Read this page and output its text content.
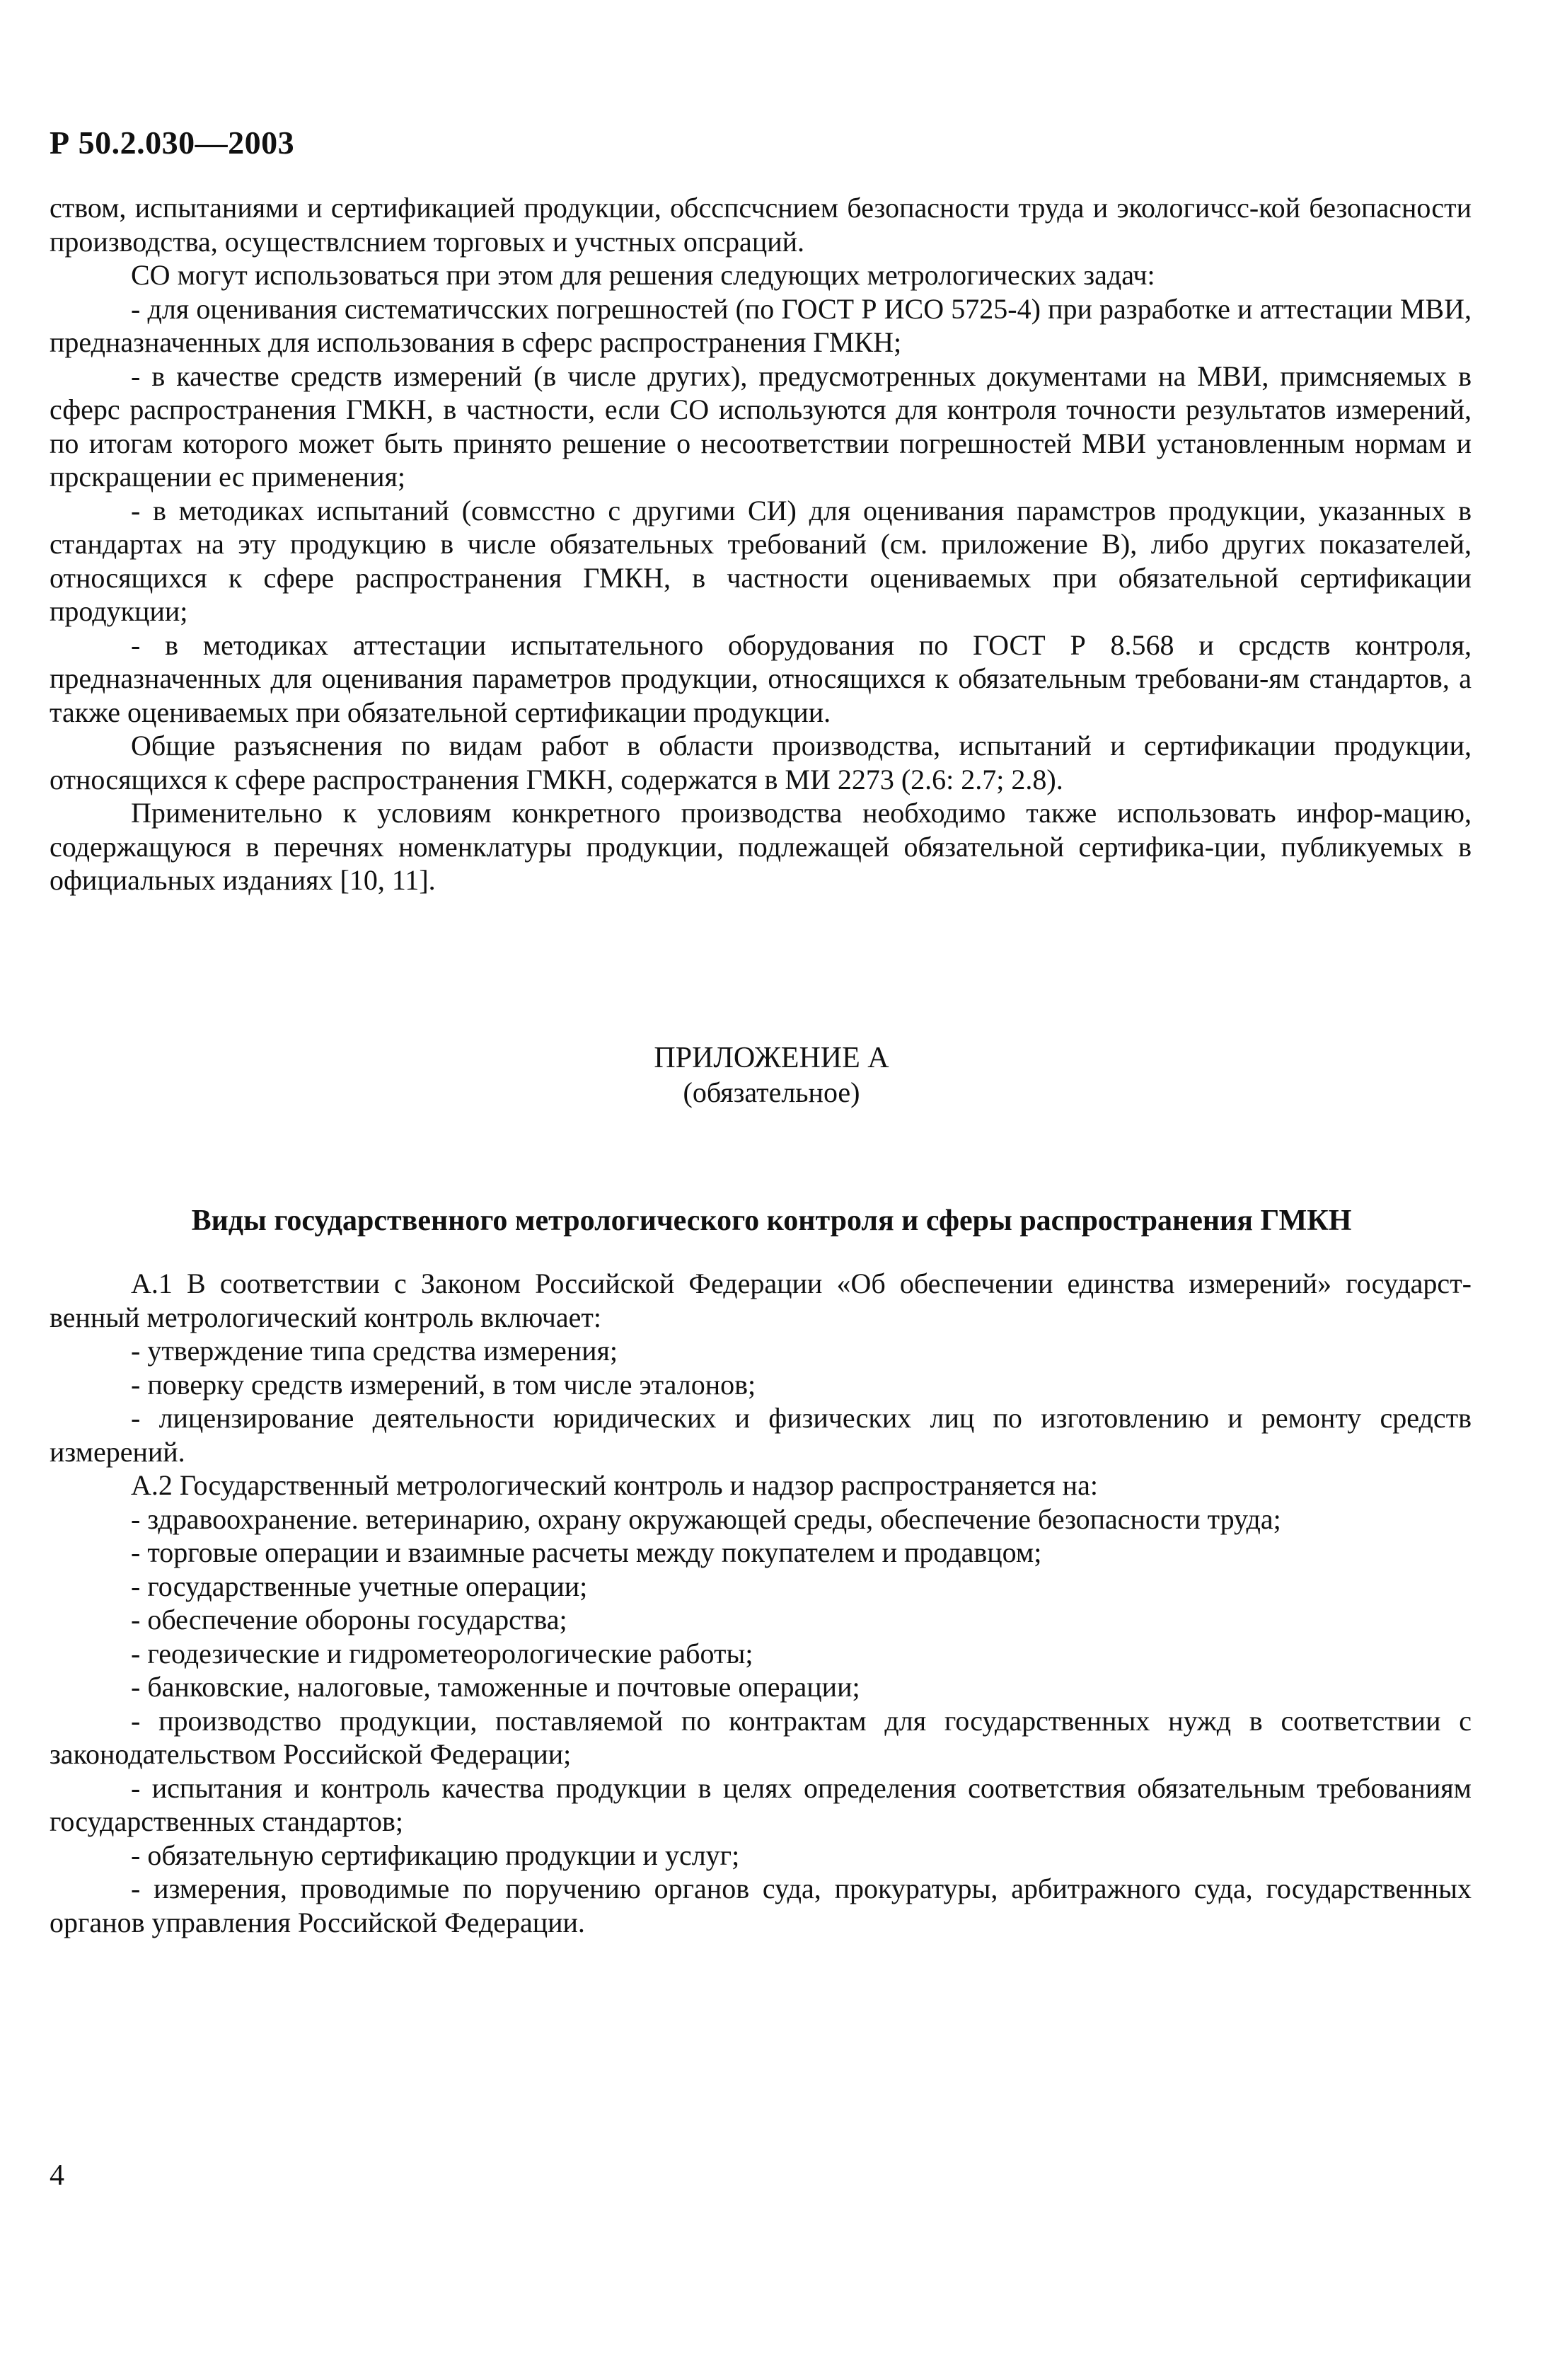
Р 50.2.030—2003

ством, испытаниями и сертификацией продукции, обсспсчснием безопасности труда и экологичсс-кой безопасности производства, осуществлснием торговых и учстных опсраций.

СО могут использоваться при этом для решения следующих метрологических задач:

- для оценивания систематичсских погрешностей (по ГОСТ Р ИСО 5725-4) при разработке и аттестации МВИ, предназначенных для использования в сферс распространения ГМКН;

- в качестве средств измерений (в числе других), предусмотренных документами на МВИ, примсняемых в сферс распространения ГМКН, в частности, если СО используются для контроля точности результатов измерений, по итогам которого может быть принято решение о несоответствии погрешностей МВИ установленным нормам и прскращении ес применения;

- в методиках испытаний (совмсстно с другими СИ) для оценивания парамстров продукции, указанных в стандартах на эту продукцию в числе обязательных требований (см. приложение В), либо других показателей, относящихся к сфере распространения ГМКН, в частности оцениваемых при обязательной сертификации продукции;

- в методиках аттестации испытательного оборудования по ГОСТ Р 8.568 и срсдств контроля, предназначенных для оценивания параметров продукции, относящихся к обязательным требовани-ям стандартов, а также оцениваемых при обязательной сертификации продукции.

Общие разъяснения по видам работ в области производства, испытаний и сертификации продукции, относящихся к сфере распространения ГМКН, содержатся в МИ 2273 (2.6: 2.7; 2.8).

Применительно к условиям конкретного производства необходимо также использовать инфор-мацию, содержащуюся в перечнях номенклатуры продукции, подлежащей обязательной сертифика-ции, публикуемых в официальных изданиях [10, 11].

ПРИЛОЖЕНИЕ А
(обязательное)
Виды государственного метрологического контроля и сферы распространения ГМКН

А.1 В соответствии с Законом Российской Федерации «Об обеспечении единства измерений» государст-венный метрологический контроль включает:

- утверждение типа средства измерения;

- поверку средств измерений, в том числе эталонов;

- лицензирование деятельности юридических и физических лиц по изготовлению и ремонту средств измерений.

А.2 Государственный метрологический контроль и надзор распространяется на:

- здравоохранение. ветеринарию, охрану окружающей среды, обеспечение безопасности труда;

- торговые операции и взаимные расчеты между покупателем и продавцом;

- государственные учетные операции;

- обеспечение обороны государства;

- геодезические и гидрометеорологические работы;

- банковские, налоговые, таможенные и почтовые операции;

- производство продукции, поставляемой по контрактам для государственных нужд в соответствии с законодательством Российской Федерации;

- испытания и контроль качества продукции в целях определения соответствия обязательным требованиям государственных стандартов;

- обязательную сертификацию продукции и услуг;

- измерения, проводимые по поручению органов суда, прокуратуры, арбитражного суда, государственных органов управления Российской Федерации.

4
